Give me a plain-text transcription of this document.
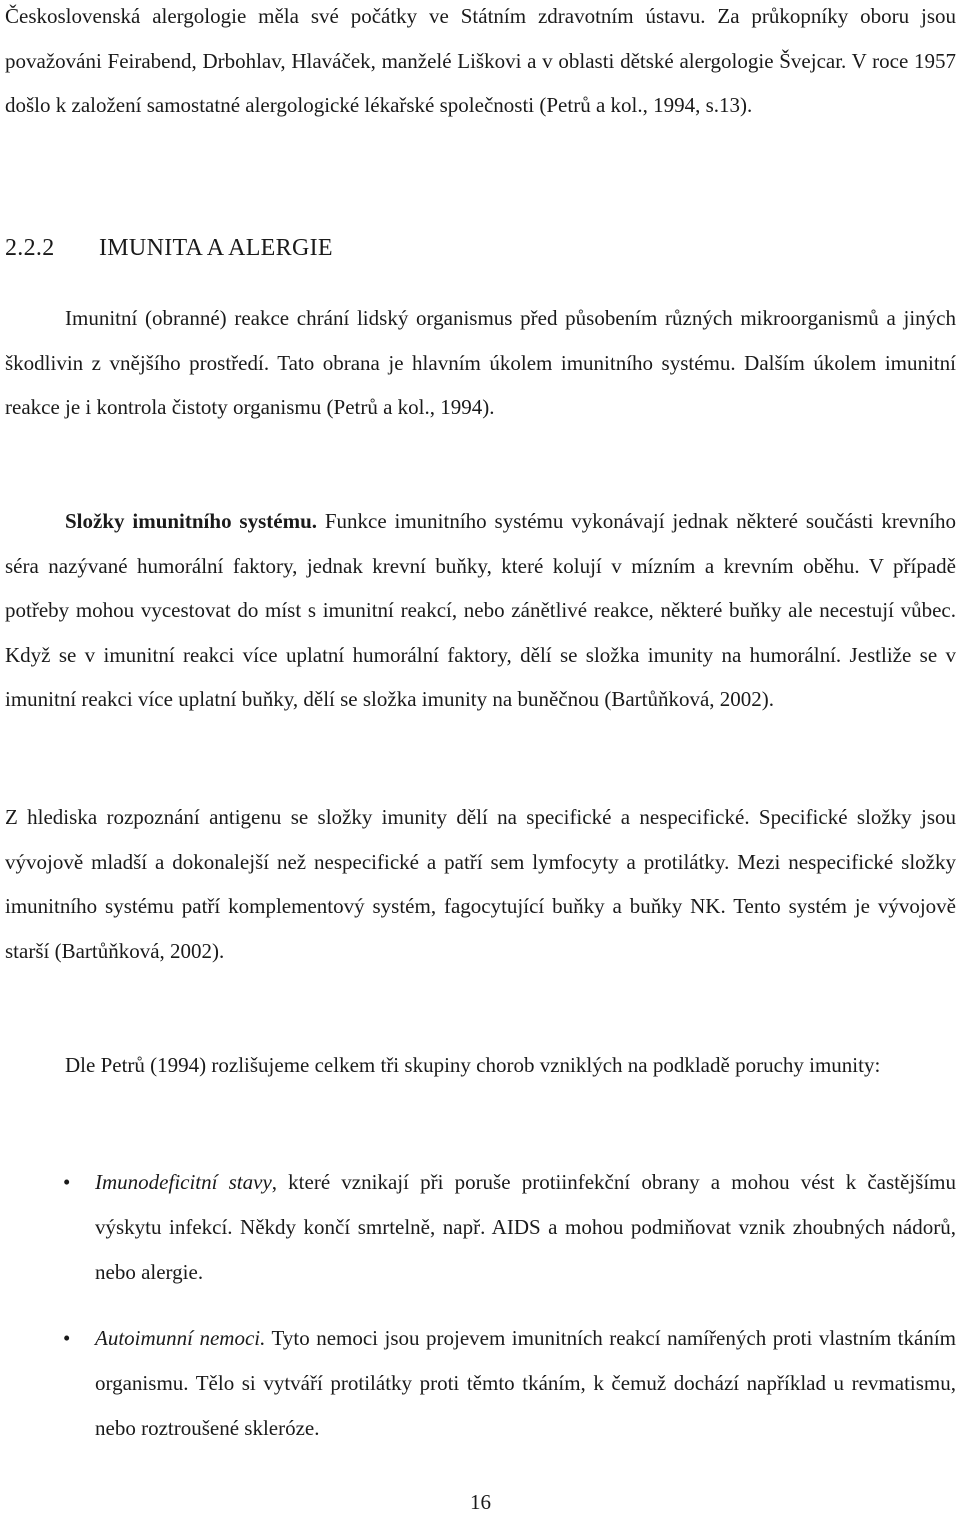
Československá alergologie měla své počátky ve Státním zdravotním ústavu. Za průkopníky oboru jsou považováni Feirabend, Drbohlav, Hlaváček, manželé Liškovi a v oblasti dětské alergologie Švejcar. V roce 1957 došlo k založení samostatné alergologické lékařské společnosti (Petrů a kol., 1994, s.13).

2.2.2 IMUNITA A ALERGIE

Imunitní (obranné) reakce chrání lidský organismus před působením různých mikroorganismů a jiných škodlivin z vnějšího prostředí. Tato obrana je hlavním úkolem imunitního systému. Dalším úkolem imunitní reakce je i kontrola čistoty organismu (Petrů a kol., 1994).

Složky imunitního systému. Funkce imunitního systému vykonávají jednak některé součásti krevního séra nazývané humorální faktory, jednak krevní buňky, které kolují v mízním a krevním oběhu. V případě potřeby mohou vycestovat do míst s imunitní reakcí, nebo zánětlivé reakce, některé buňky ale necestují vůbec. Když se v imunitní reakci více uplatní humorální faktory, dělí se složka imunity na humorální. Jestliže se v imunitní reakci více uplatní buňky, dělí se složka imunity na buněčnou (Bartůňková, 2002).

Z hlediska rozpoznání antigenu se složky imunity dělí na specifické a nespecifické. Specifické složky jsou vývojově mladší a dokonalejší než nespecifické a patří sem lymfocyty a protilátky. Mezi nespecifické složky imunitního systému patří komplementový systém, fagocytující buňky a buňky NK. Tento systém je vývojově starší (Bartůňková, 2002).

Dle Petrů (1994) rozlišujeme celkem tři skupiny chorob vzniklých na podkladě poruchy imunity:

• Imunodeficitní stavy, které vznikají při poruše protiinfekční obrany a mohou vést k častějšímu výskytu infekcí. Někdy končí smrtelně, např. AIDS a mohou podmiňovat vznik zhoubných nádorů, nebo alergie.
• Autoimunní nemoci. Tyto nemoci jsou projevem imunitních reakcí namířených proti vlastním tkáním organismu. Tělo si vytváří protilátky proti těmto tkáním, k čemuž dochází například u revmatismu, nebo roztroušené skleróze.
16
